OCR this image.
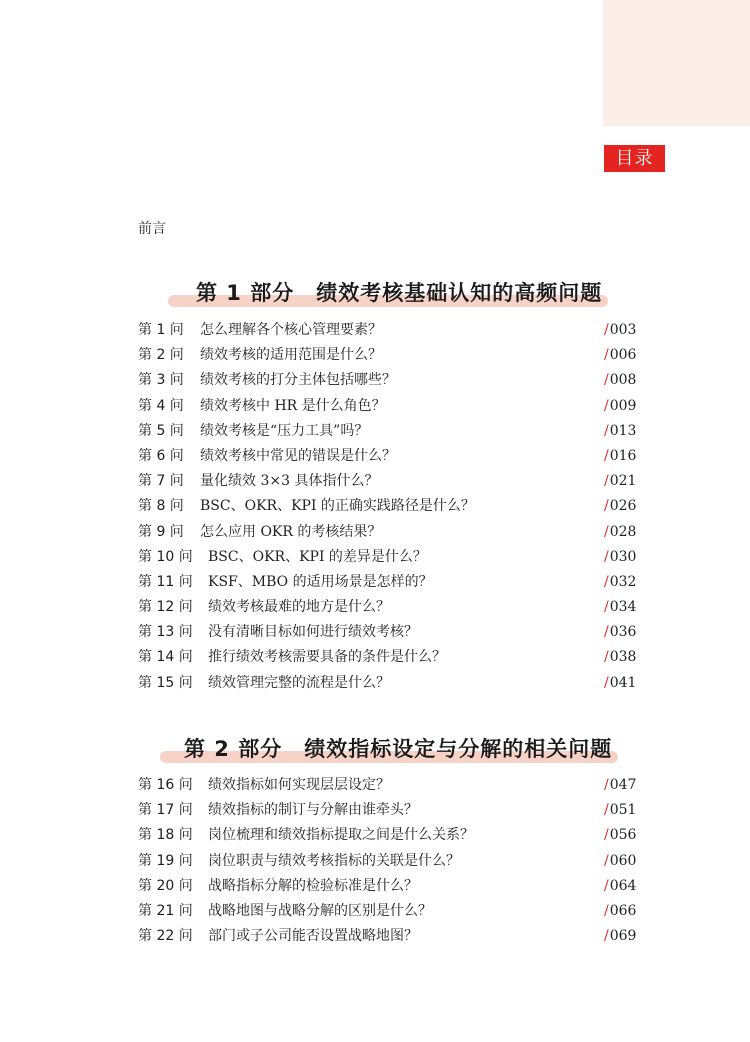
目录
前言
第 1 部分　绩效考核基础认知的高频问题
第 1 问 怎么理解各个核心管理要素？	/003
第 2 问 绩效考核的适用范围是什么？	/006
第 3 问 绩效考核的打分主体包括哪些？	/008
第 4 问 绩效考核中 HR 是什么角色？	/009
第 5 问 绩效考核是“压力工具”吗？	/013
第 6 问 绩效考核中常见的错误是什么？	/016
第 7 问 量化绩效 3×3 具体指什么？	/021
第 8 问 BSC、OKR、KPI 的正确实践路径是什么？	/026
第 9 问 怎么应用 OKR 的考核结果？	/028
第 10 问 BSC、OKR、KPI 的差异是什么？	/030
第 11 问 KSF、MBO 的适用场景是怎样的？	/032
第 12 问 绩效考核最难的地方是什么？	/034
第 13 问 没有清晰目标如何进行绩效考核？	/036
第 14 问 推行绩效考核需要具备的条件是什么？	/038
第 15 问 绩效管理完整的流程是什么？	/041
第 2 部分　绩效指标设定与分解的相关问题
第 16 问 绩效指标如何实现层层设定？	/047
第 17 问 绩效指标的制订与分解由谁牵头？	/051
第 18 问 岗位梳理和绩效指标提取之间是什么关系？	/056
第 19 问 岗位职责与绩效考核指标的关联是什么？	/060
第 20 问 战略指标分解的检验标准是什么？	/064
第 21 问 战略地图与战略分解的区别是什么？	/066
第 22 问 部门或子公司能否设置战略地图？	/069
